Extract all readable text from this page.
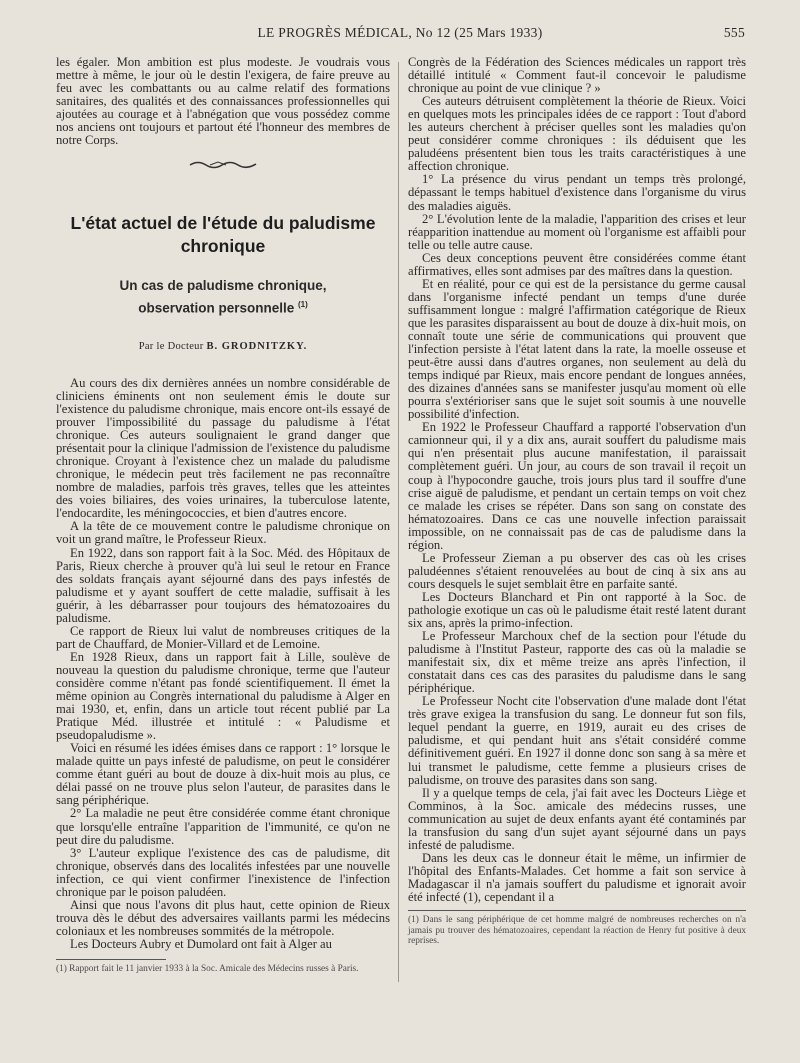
LE PROGRÈS MÉDICAL, No 12 (25 Mars 1933)	555

les égaler. Mon ambition est plus modeste. Je voudrais vous mettre à même, le jour où le destin l'exigera, de faire preuve au feu avec les combattants ou au calme relatif des formations sanitaires, des qualités et des connaissances professionnelles qui ajoutées au courage et à l'abnégation que vous possédez comme nos anciens ont toujours et partout été l'honneur des membres de notre Corps.

L'état actuel de l'étude du paludisme chronique
Un cas de paludisme chronique,
observation personnelle $^{(1)}$
Par le Docteur B. GRODNITZKY.

Au cours des dix dernières années un nombre considérable de cliniciens éminents ont non seulement émis le doute sur l'existence du paludisme chronique, mais encore ont-ils essayé de prouver l'impossibilité du passage du paludisme à l'état chronique. Ces auteurs soulignaient le grand danger que présentait pour la clinique l'admission de l'existence du paludisme chronique. Croyant à l'existence chez un malade du paludisme chronique, le médecin peut très facilement ne pas reconnaître nombre de maladies, parfois très graves, telles que les atteintes des voies biliaires, des voies urinaires, la tuberculose latente, l'endocardite, les méningococcies, et bien d'autres encore.

A la tête de ce mouvement contre le paludisme chronique on voit un grand maître, le Professeur Rieux.

En 1922, dans son rapport fait à la Soc. Méd. des Hôpitaux de Paris, Rieux cherche à prouver qu'à lui seul le retour en France des soldats français ayant séjourné dans des pays infestés de paludisme et y ayant souffert de cette maladie, suffisait à les guérir, à les débarrasser pour toujours des hématozoaires du paludisme.

Ce rapport de Rieux lui valut de nombreuses critiques de la part de Chauffard, de Monier-Villard et de Lemoine.

En 1928 Rieux, dans un rapport fait à Lille, soulève de nouveau la question du paludisme chronique, terme que l'auteur considère comme n'étant pas fondé scientifiquement. Il émet la même opinion au Congrès international du paludisme à Alger en mai 1930, et, enfin, dans un article tout récent publié par La Pratique Méd. illustrée et intitulé : « Paludisme et pseudopaludisme ».

Voici en résumé les idées émises dans ce rapport : 1° lorsque le malade quitte un pays infesté de paludisme, on peut le considérer comme étant guéri au bout de douze à dix-huit mois au plus, ce délai passé on ne trouve plus selon l'auteur, de parasites dans le sang périphérique.

2° La maladie ne peut être considérée comme étant chronique que lorsqu'elle entraîne l'apparition de l'immunité, ce qu'on ne peut dire du paludisme.

3° L'auteur explique l'existence des cas de paludisme, dit chronique, observés dans des localités infestées par une nouvelle infection, ce qui vient confirmer l'inexistence de l'infection chronique par le poison paludéen.

Ainsi que nous l'avons dit plus haut, cette opinion de Rieux trouva dès le début des adversaires vaillants parmi les médecins coloniaux et les nombreuses sommités de la métropole.

Les Docteurs Aubry et Dumolard ont fait à Alger au

(1) Rapport fait le 11 janvier 1933 à la Soc. Amicale des Médecins russes à Paris.

Congrès de la Fédération des Sciences médicales un rapport très détaillé intitulé « Comment faut-il concevoir le paludisme chronique au point de vue clinique ? »

Ces auteurs détruisent complètement la théorie de Rieux. Voici en quelques mots les principales idées de ce rapport : Tout d'abord les auteurs cherchent à préciser quelles sont les maladies qu'on peut considérer comme chroniques : ils déduisent que les paludéens présentent bien tous les traits caractéristiques à une affection chronique.

1° La présence du virus pendant un temps très prolongé, dépassant le temps habituel d'existence dans l'organisme du virus des maladies aiguës.

2° L'évolution lente de la maladie, l'apparition des crises et leur réapparition inattendue au moment où l'organisme est affaibli pour telle ou telle autre cause.

Ces deux conceptions peuvent être considérées comme étant affirmatives, elles sont admises par des maîtres dans la question.

Et en réalité, pour ce qui est de la persistance du germe causal dans l'organisme infecté pendant un temps d'une durée suffisamment longue : malgré l'affirmation catégorique de Rieux que les parasites disparaissent au bout de douze à dix-huit mois, on connaît toute une série de communications qui prouvent que l'infection persiste à l'état latent dans la rate, la moelle osseuse et peut-être aussi dans d'autres organes, non seulement au delà du temps indiqué par Rieux, mais encore pendant de longues années, des dizaines d'années sans se manifester jusqu'au moment où elle pourra s'extérioriser sans que le sujet soit soumis à une nouvelle possibilité d'infection.

En 1922 le Professeur Chauffard a rapporté l'observation d'un camionneur qui, il y a dix ans, aurait souffert du paludisme mais qui n'en présentait plus aucune manifestation, il paraissait complètement guéri. Un jour, au cours de son travail il reçoit un coup à l'hypocondre gauche, trois jours plus tard il souffre d'une crise aiguë de paludisme, et pendant un certain temps on voit chez ce malade les crises se répéter. Dans son sang on constate des hématozoaires. Dans ce cas une nouvelle infection paraissait impossible, on ne connaissait pas de cas de paludisme dans la région.

Le Professeur Zieman a pu observer des cas où les crises paludéennes s'étaient renouvelées au bout de cinq à six ans au cours desquels le sujet semblait être en parfaite santé.

Les Docteurs Blanchard et Pin ont rapporté à la Soc. de pathologie exotique un cas où le paludisme était resté latent durant six ans, après la primo-infection.

Le Professeur Marchoux chef de la section pour l'étude du paludisme à l'Institut Pasteur, rapporte des cas où la maladie se manifestait six, dix et même treize ans après l'infection, il constatait dans ces cas des parasites du paludisme dans le sang périphérique.

Le Professeur Nocht cite l'observation d'une malade dont l'état très grave exigea la transfusion du sang. Le donneur fut son fils, lequel pendant la guerre, en 1919, aurait eu des crises de paludisme, et qui pendant huit ans s'était considéré comme définitivement guéri. En 1927 il donne donc son sang à sa mère et lui transmet le paludisme, cette femme a plusieurs crises de paludisme, on trouve des parasites dans son sang.

Il y a quelque temps de cela, j'ai fait avec les Docteurs Liège et Comminos, à la Soc. amicale des médecins russes, une communication au sujet de deux enfants ayant été contaminés par la transfusion du sang d'un sujet ayant séjourné dans un pays infesté de paludisme.

Dans les deux cas le donneur était le même, un infirmier de l'hôpital des Enfants-Malades. Cet homme a fait son service à Madagascar il n'a jamais souffert du paludisme et ignorait avoir été infecté (1), cependant il a

(1) Dans le sang périphérique de cet homme malgré de nombreuses recherches on n'a jamais pu trouver des hématozoaires, cependant la réaction de Henry fut positive à deux reprises.
